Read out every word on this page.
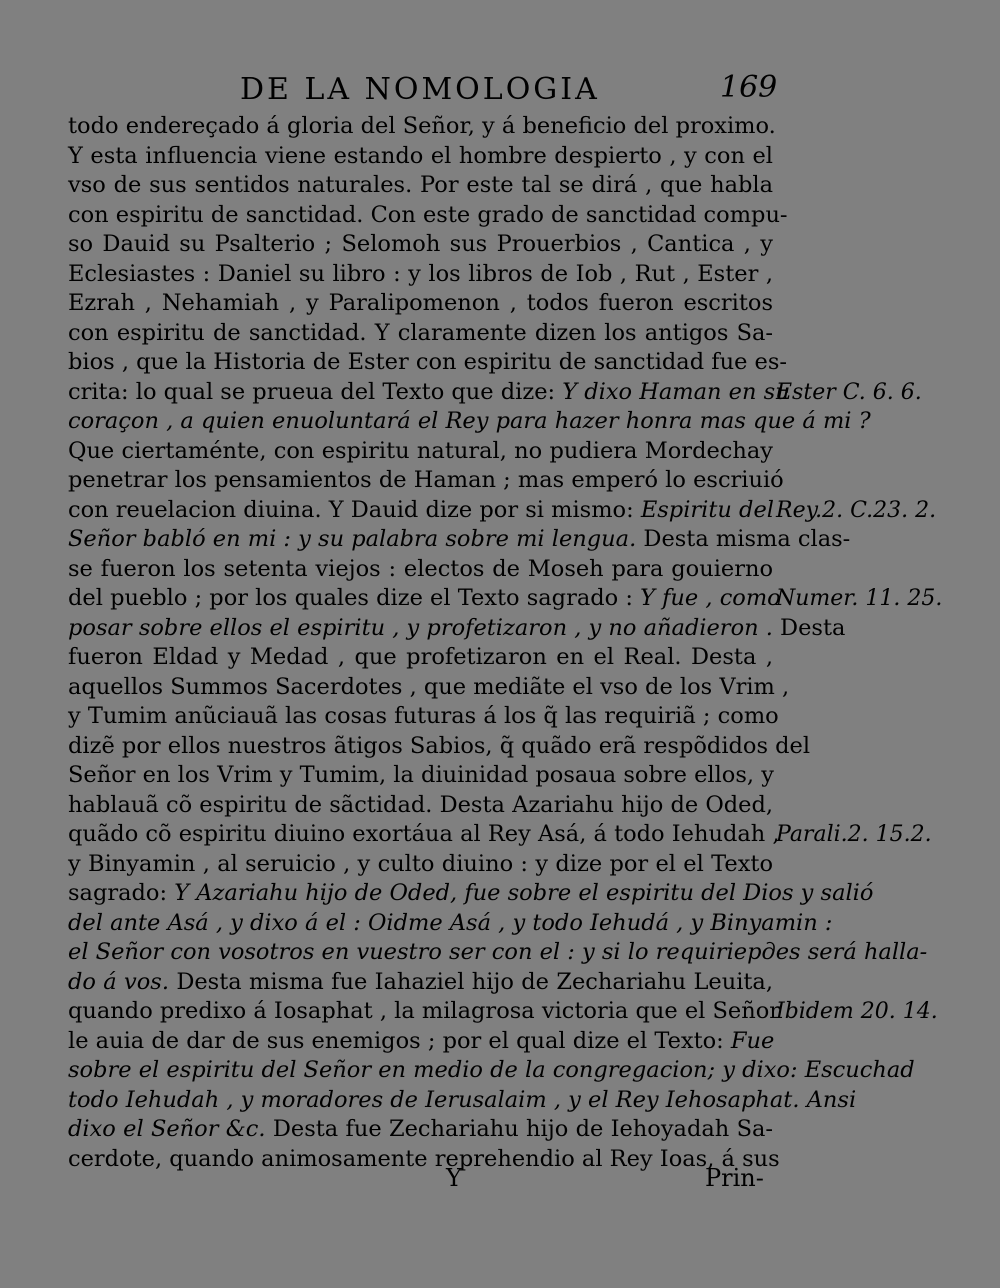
DE LA NOMOLOGIA	169
todo endereçado á gloria del Señor, y á beneficio del proximo.
Y esta influencia viene estando el hombre despierto , y con el
vso de sus sentidos naturales. Por este tal se dirá , que habla
con espiritu de sanctidad. Con este grado de sanctidad compu-
so Dauid su Psalterio ; Selomoh sus Prouerbios , Cantica , y
Eclesiastes : Daniel su libro : y los libros de Iob , Rut , Ester ,
Ezrah , Nehamiah , y Paralipomenon , todos fueron escritos
con espiritu de sanctidad. Y claramente dizen los antigos Sa-
bios , que la Historia de Ester con espiritu de sanctidad fue es-
crita: lo qual se prueua del Texto que dize: Y dixo Haman en su
coraçon , a quien enuoluntará el Rey para hazer honra mas que á mi ?
Que ciertaménte, con espiritu natural, no pudiera Mordechay
penetrar los pensamientos de Haman ; mas emperó lo escriuió
con reuelacion diuina. Y Dauid dize por si mismo: Espiritu del
Señor babló en mi : y su palabra sobre mi lengua. Desta misma clas-
se fueron los setenta viejos : electos de Moseh para gouierno
del pueblo ; por los quales dize el Texto sagrado : Y fue , como
posar sobre ellos el espiritu , y profetizaron , y no añadieron . Desta
fueron Eldad y Medad , que profetizaron en el Real. Desta ,
aquellos Summos Sacerdotes , que mediãte el vso de los Vrim ,
y Tumim anũciauã las cosas futuras á los q̃ las requiriã ; como
dizẽ por ellos nuestros ãtigos Sabios, q̃ quãdo erã respõdidos del
Señor en los Vrim y Tumim, la diuinidad posaua sobre ellos, y
hablauã cõ espiritu de sãctidad. Desta Azariahu hijo de Oded,
quãdo cõ espiritu diuino exortáua al Rey Asá, á todo Iehudah ,
y Binyamin , al seruicio , y culto diuino : y dize por el el Texto
sagrado: Y Azariahu hijo de Oded, fue sobre el espiritu del Dios y salió
del ante Asá , y dixo á el : Oidme Asá , y todo Iehudá , y Binyamin :
el Señor con vosotros en vuestro ser con el : y si lo requiriердes será halla-
do á vos. Desta misma fue Iahaziel hijo de Zechariahu Leuita,
quando predixo á Iosaphat , la milagrosa victoria que el Señor
le auia de dar de sus enemigos ; por el qual dize el Texto: Fue
sobre el espiritu del Señor en medio de la congregacion; y dixo: Escuchad
todo Iehudah , y moradores de Ierusalaim , y el Rey Iehosaphat. Ansi
dixo el Señor &c. Desta fue Zechariahu hijo de Iehoyadah Sa-
cerdote, quando animosamente reprehendio al Rey Ioas, á sus
Ester C. 6. 6.
Rey.2. C.23. 2.
Numer. 11. 25.
Parali.2. 15.2.
Ibidem 20. 14.
Y	Prin-
